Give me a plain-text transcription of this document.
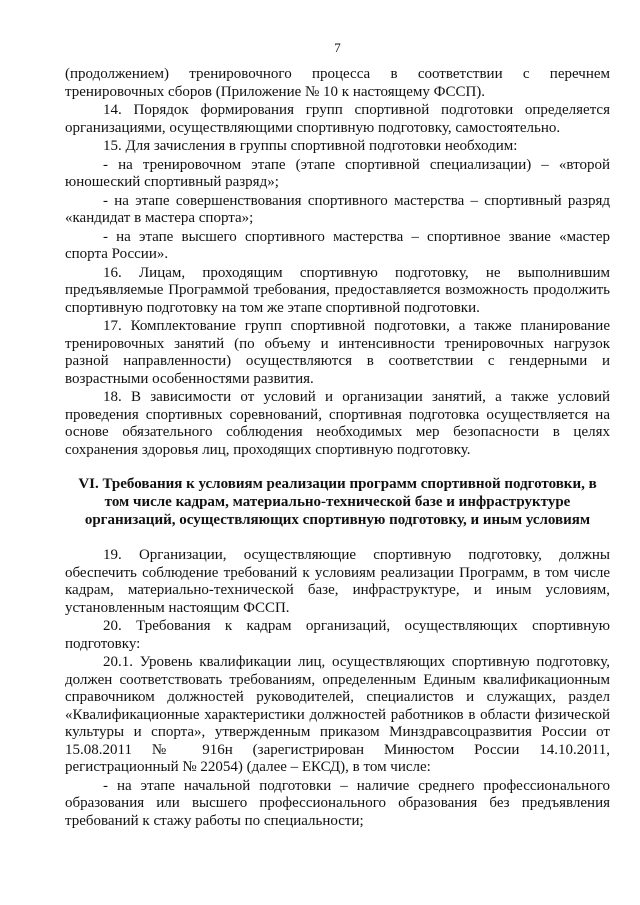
7

(продолжением) тренировочного процесса в соответствии с перечнем тренировочных сборов (Приложение № 10 к настоящему ФССП).

14. Порядок формирования групп спортивной подготовки определяется организациями, осуществляющими спортивную подготовку, самостоятельно.

15. Для зачисления в группы спортивной подготовки необходим:

- на тренировочном этапе (этапе спортивной специализации) – «второй юношеский спортивный разряд»;

- на этапе совершенствования спортивного мастерства – спортивный разряд «кандидат в мастера спорта»;

- на этапе высшего спортивного мастерства – спортивное звание «мастер спорта России».

16. Лицам, проходящим спортивную подготовку, не выполнившим предъявляемые Программой требования, предоставляется возможность продолжить спортивную подготовку на том же этапе спортивной подготовки.

17. Комплектование групп спортивной подготовки, а также планирование тренировочных занятий (по объему и интенсивности тренировочных нагрузок разной направленности) осуществляются в соответствии с гендерными и возрастными особенностями развития.

18. В зависимости от условий и организации занятий, а также условий проведения спортивных соревнований, спортивная подготовка осуществляется на основе обязательного соблюдения необходимых мер безопасности в целях сохранения здоровья лиц, проходящих спортивную подготовку.

VI. Требования к условиям реализации программ спортивной подготовки, в том числе кадрам, материально-технической базе и инфраструктуре организаций, осуществляющих спортивную подготовку, и иным условиям

19. Организации, осуществляющие спортивную подготовку, должны обеспечить соблюдение требований к условиям реализации Программ, в том числе кадрам, материально-технической базе, инфраструктуре, и иным условиям, установленным настоящим ФССП.

20. Требования к кадрам организаций, осуществляющих спортивную подготовку:

20.1. Уровень квалификации лиц, осуществляющих спортивную подготовку, должен соответствовать требованиям, определенным Единым квалификационным справочником должностей руководителей, специалистов и служащих, раздел «Квалификационные характеристики должностей работников в области физической культуры и спорта», утвержденным приказом Минздравсоцразвития России от 15.08.2011 № 916н (зарегистрирован Минюстом России 14.10.2011, регистрационный № 22054) (далее – ЕКСД), в том числе:

- на этапе начальной подготовки – наличие среднего профессионального образования или высшего профессионального образования без предъявления требований к стажу работы по специальности;
